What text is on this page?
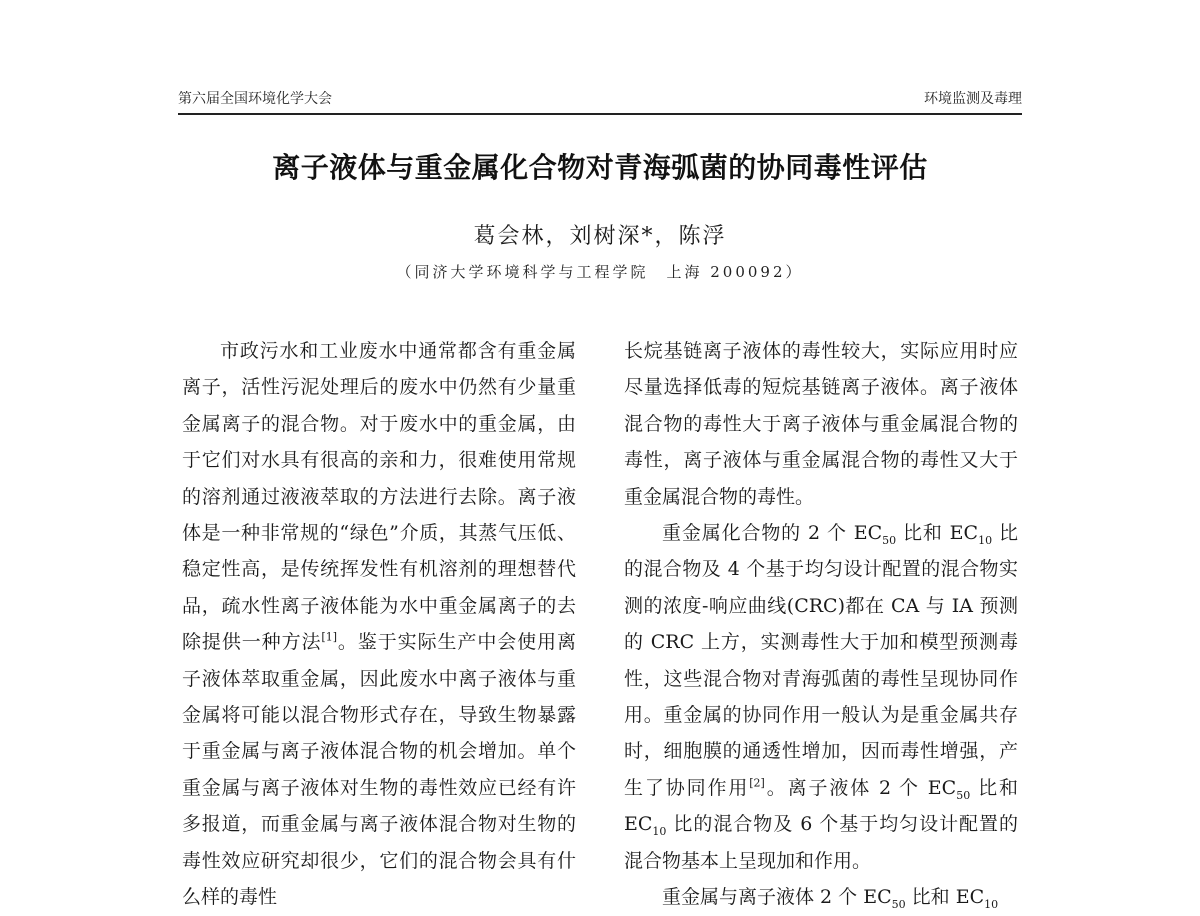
第六届全国环境化学大会	环境监测及毒理
离子液体与重金属化合物对青海弧菌的协同毒性评估
葛会林，刘树深*，陈浮
（同济大学环境科学与工程学院　上海 200092）

市政污水和工业废水中通常都含有重金属离子，活性污泥处理后的废水中仍然有少量重金属离子的混合物。对于废水中的重金属，由于它们对水具有很高的亲和力，很难使用常规的溶剂通过液液萃取的方法进行去除。离子液体是一种非常规的“绿色”介质，其蒸气压低、稳定性高，是传统挥发性有机溶剂的理想替代品，疏水性离子液体能为水中重金属离子的去除提供一种方法[1]。鉴于实际生产中会使用离子液体萃取重金属，因此废水中离子液体与重金属将可能以混合物形式存在，导致生物暴露于重金属与离子液体混合物的机会增加。单个重金属与离子液体对生物的毒性效应已经有许多报道，而重金属与离子液体混合物对生物的毒性效应研究却很少，它们的混合物会具有什么样的毒性

长烷基链离子液体的毒性较大，实际应用时应尽量选择低毒的短烷基链离子液体。离子液体混合物的毒性大于离子液体与重金属混合物的毒性，离子液体与重金属混合物的毒性又大于重金属混合物的毒性。

重金属化合物的 2 个 $EC_{50}$ 比和 $EC_{10}$ 比的混合物及 4 个基于均匀设计配置的混合物实测的浓度-响应曲线(CRC)都在 CA 与 IA 预测的 CRC 上方，实测毒性大于加和模型预测毒性，这些混合物对青海弧菌的毒性呈现协同作用。重金属的协同作用一般认为是重金属共存时，细胞膜的通透性增加，因而毒性增强，产生了协同作用[2]。离子液体 2 个 $EC_{50}$ 比和 $EC_{10}$ 比的混合物及 6 个基于均匀设计配置的混合物基本上呈现加和作用。

重金属与离子液体 2 个 $EC_{50}$ 比和 $EC_{10}$
